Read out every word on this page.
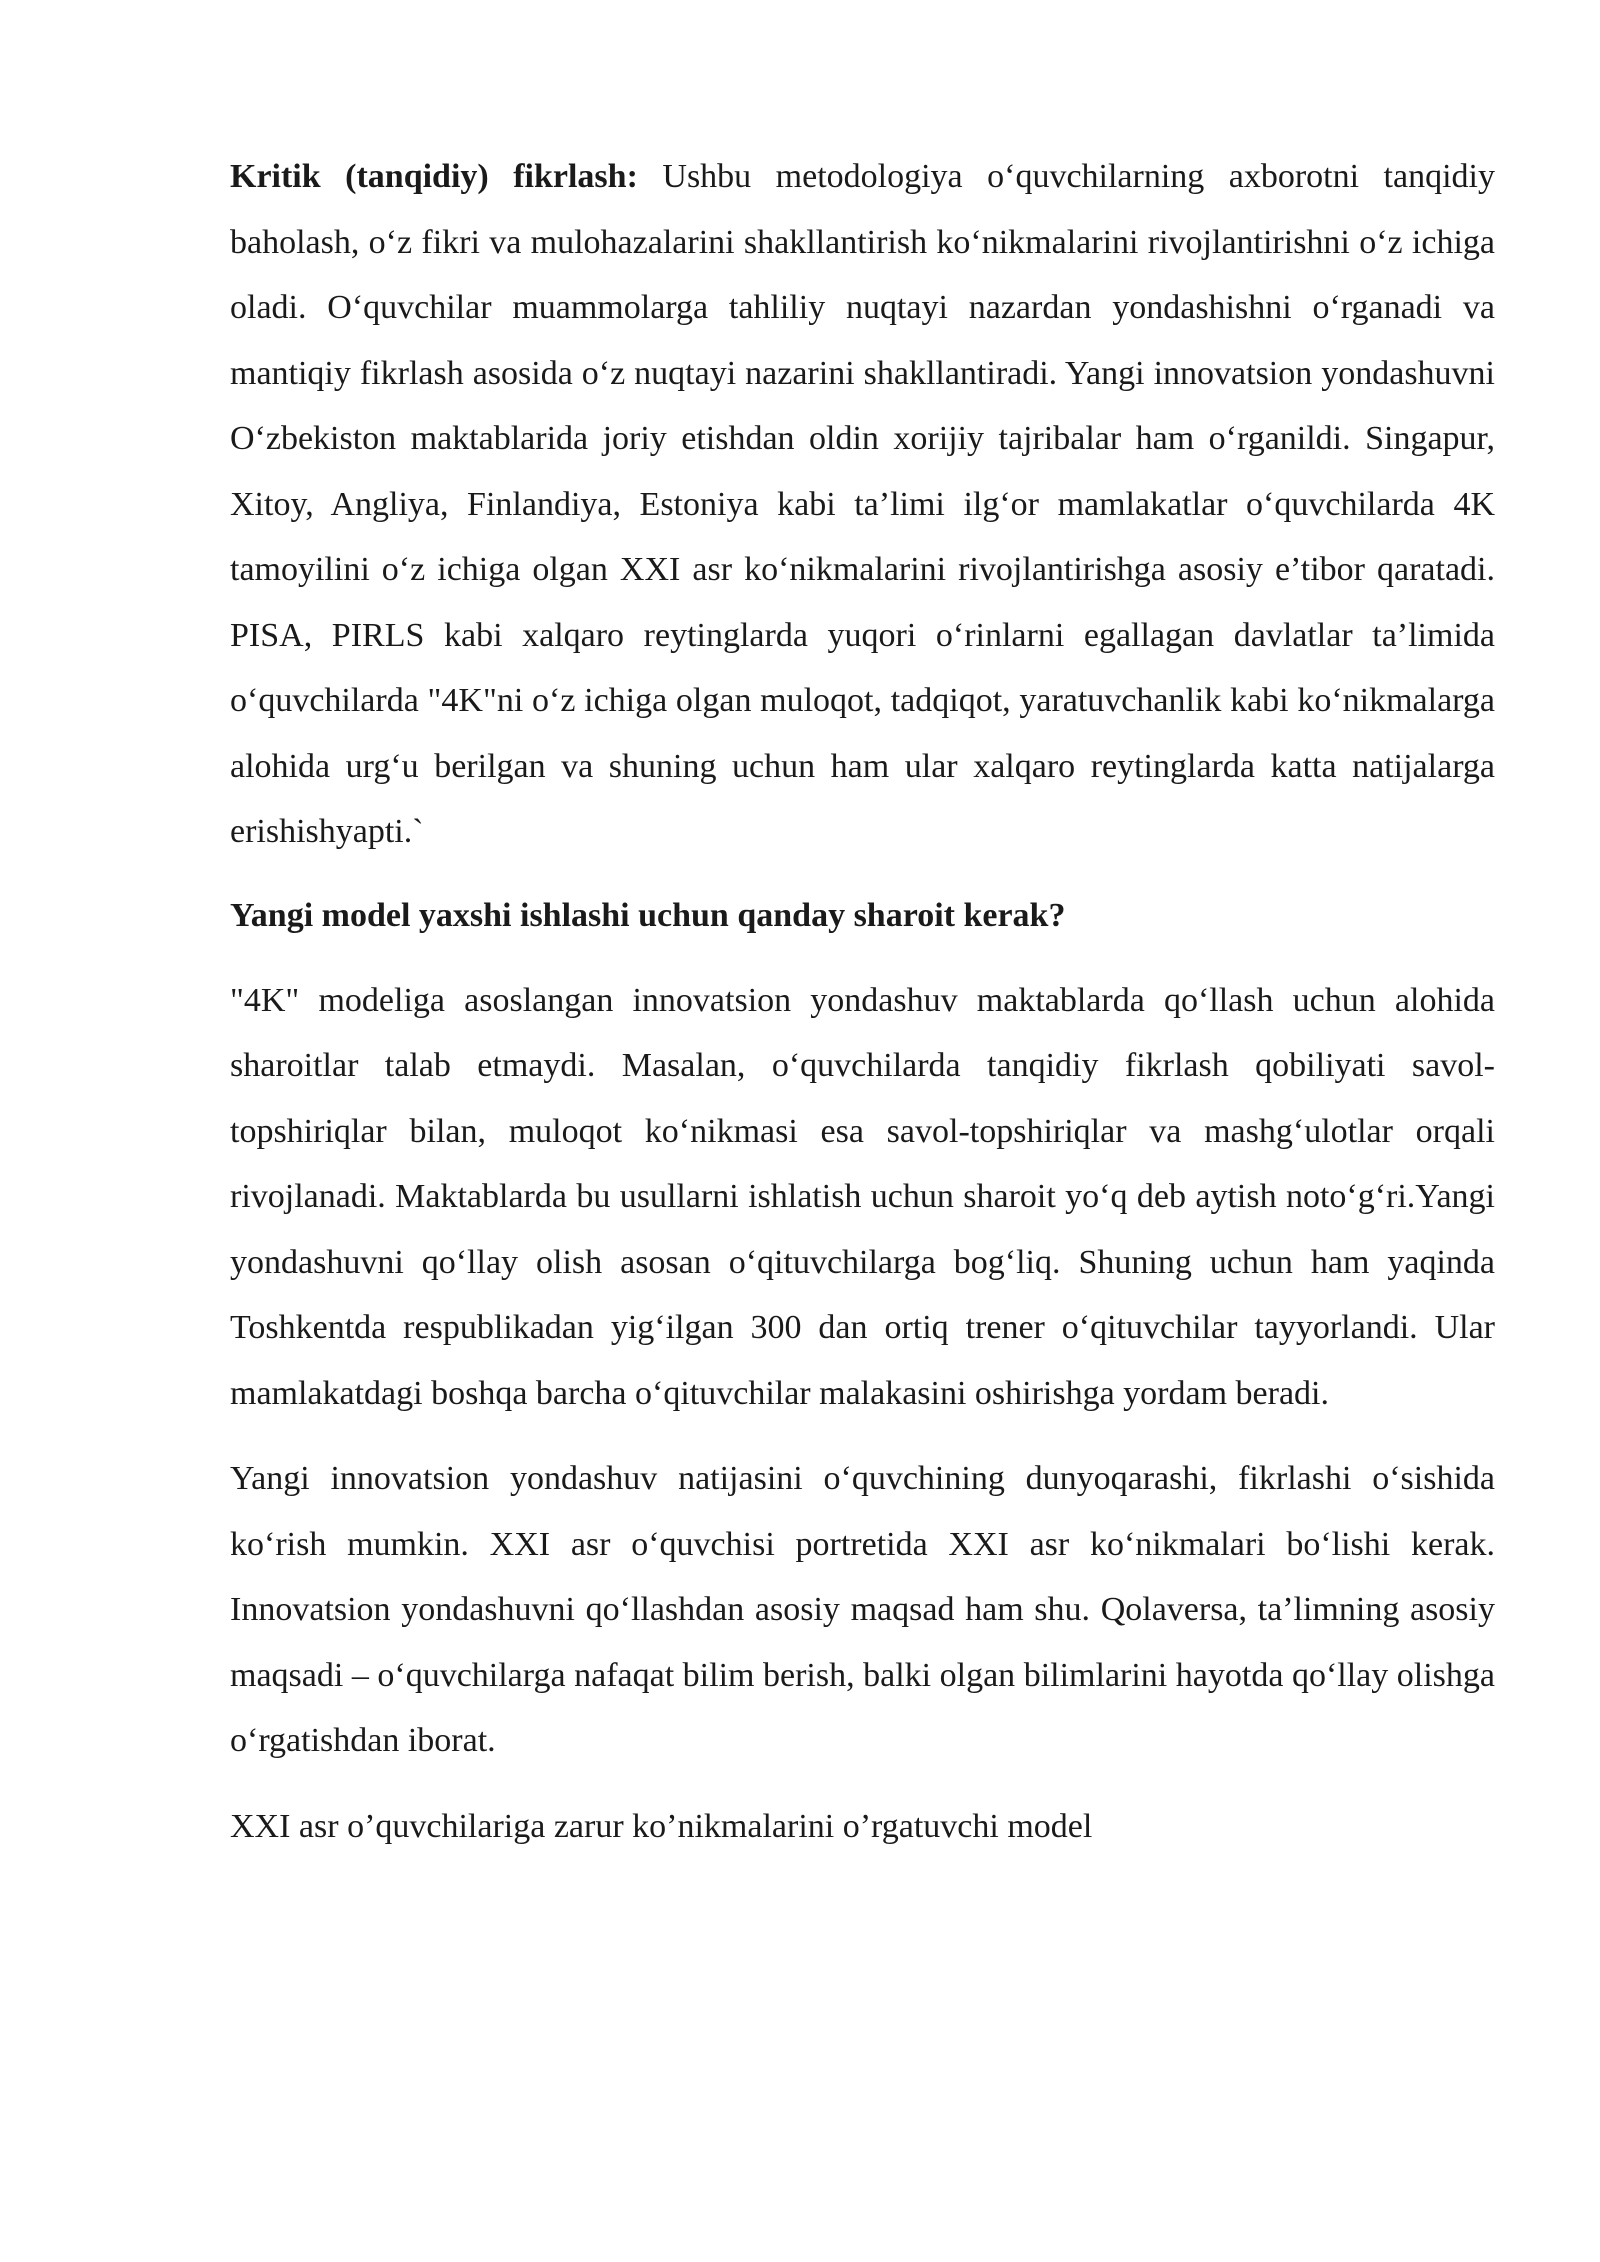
Kritik (tanqidiy) fikrlash: Ushbu metodologiya o‘quvchilarning axborotni tanqidiy baholash, o‘z fikri va mulohazalarini shakllantirish ko‘nikmalarini rivojlantirishni o‘z ichiga oladi. O‘quvchilar muammolarga tahliliy nuqtayi nazardan yondashishni o‘rganadi va mantiqiy fikrlash asosida o‘z nuqtayi nazarini shakllantiradi. Yangi innovatsion yondashuvni O‘zbekiston maktablarida joriy etishdan oldin xorijiy tajribalar ham o‘rganildi. Singapur, Xitoy, Angliya, Finlandiya, Estoniya kabi ta’limi ilg‘or mamlakatlar o‘quvchilarda 4K tamoyilini o‘z ichiga olgan XXI asr ko‘nikmalarini rivojlantirishga asosiy e’tibor qaratadi. PISA, PIRLS kabi xalqaro reytinglarda yuqori o‘rinlarni egallagan davlatlar ta’limida o‘quvchilarda "4K"ni o‘z ichiga olgan muloqot, tadqiqot, yaratuvchanlik kabi ko‘nikmalarga alohida urg‘u berilgan va shuning uchun ham ular xalqaro reytinglarda katta natijalarga erishishyapti.`

Yangi model yaxshi ishlashi uchun qanday sharoit kerak?

"4K" modeliga asoslangan innovatsion yondashuv maktablarda qo‘llash uchun alohida sharoitlar talab etmaydi. Masalan, o‘quvchilarda tanqidiy fikrlash qobiliyati savol-topshiriqlar bilan, muloqot ko‘nikmasi esa savol-topshiriqlar va mashg‘ulotlar orqali rivojlanadi. Maktablarda bu usullarni ishlatish uchun sharoit yo‘q deb aytish noto‘g‘ri.Yangi yondashuvni qo‘llay olish asosan o‘qituvchilarga bog‘liq. Shuning uchun ham yaqinda Toshkentda respublikadan yig‘ilgan 300 dan ortiq trener o‘qituvchilar tayyorlandi. Ular mamlakatdagi boshqa barcha o‘qituvchilar malakasini oshirishga yordam beradi.

Yangi innovatsion yondashuv natijasini o‘quvchining dunyoqarashi, fikrlashi o‘sishida ko‘rish mumkin. XXI asr o‘quvchisi portretida XXI asr ko‘nikmalari bo‘lishi kerak. Innovatsion yondashuvni qo‘llashdan asosiy maqsad ham shu. Qolaversa, ta’limning asosiy maqsadi – o‘quvchilarga nafaqat bilim berish, balki olgan bilimlarini hayotda qo‘llay olishga o‘rgatishdan iborat.

XXI asr o’quvchilariga zarur ko’nikmalarini o’rgatuvchi model
